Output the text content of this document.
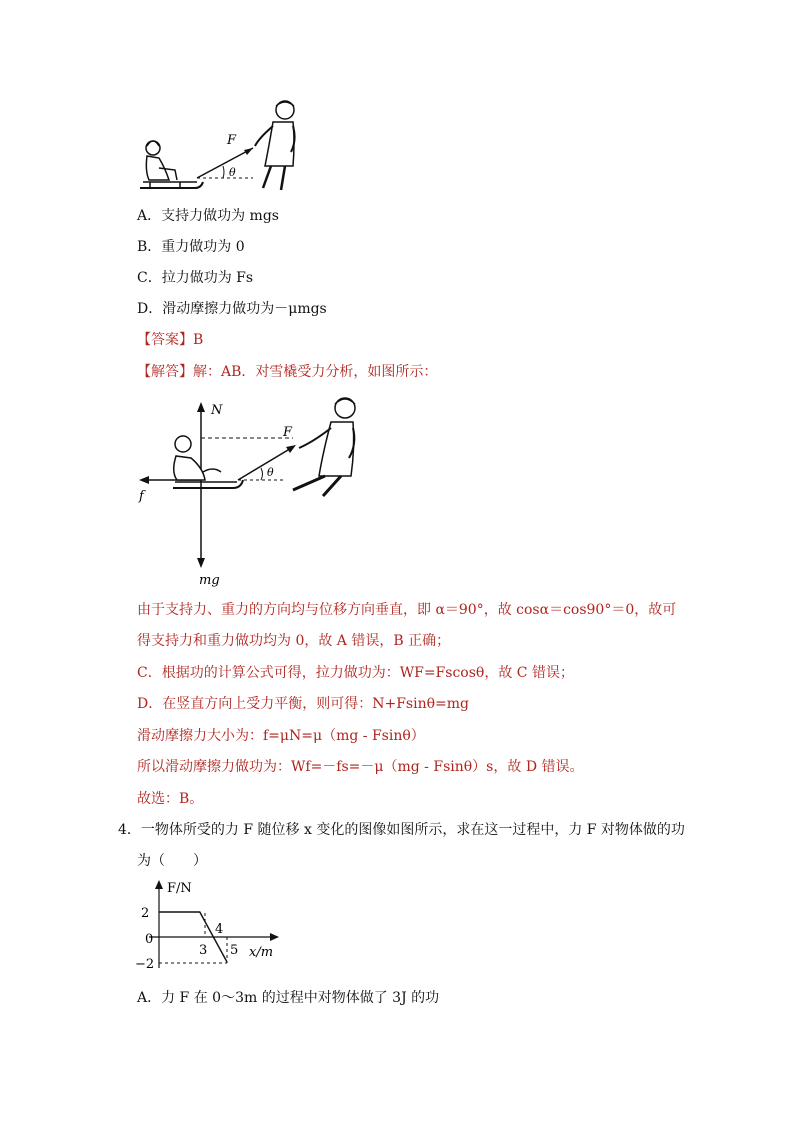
θ
F
A．支持力做功为 mgs
B．重力做功为 0
C．拉力做功为 Fs
D．滑动摩擦力做功为－μmgs
【答案】B
【解答】解：AB．对雪橇受力分析，如图所示：
N
mg
f
F
θ
由于支持力、重力的方向均与位移方向垂直，即 α＝90°，故 cosα＝cos90°＝0，故可
得支持力和重力做功均为 0，故 A 错误，B 正确；
C．根据功的计算公式可得，拉力做功为：WF=Fscosθ，故 C 错误；
D．在竖直方向上受力平衡，则可得：N+Fsinθ=mg
滑动摩擦力大小为：f=μN=μ（mg - Fsinθ）
所以滑动摩擦力做功为：Wf=－fs=－μ（mg - Fsinθ）s，故 D 错误。
故选：B。
4．一物体所受的力 F 随位移 x 变化的图像如图所示，求在这一过程中，力 F 对物体做的功
为（　　）
F/N
x/m
2
0
−2
3
4
5
A．力 F 在 0～3m 的过程中对物体做了 3J 的功
